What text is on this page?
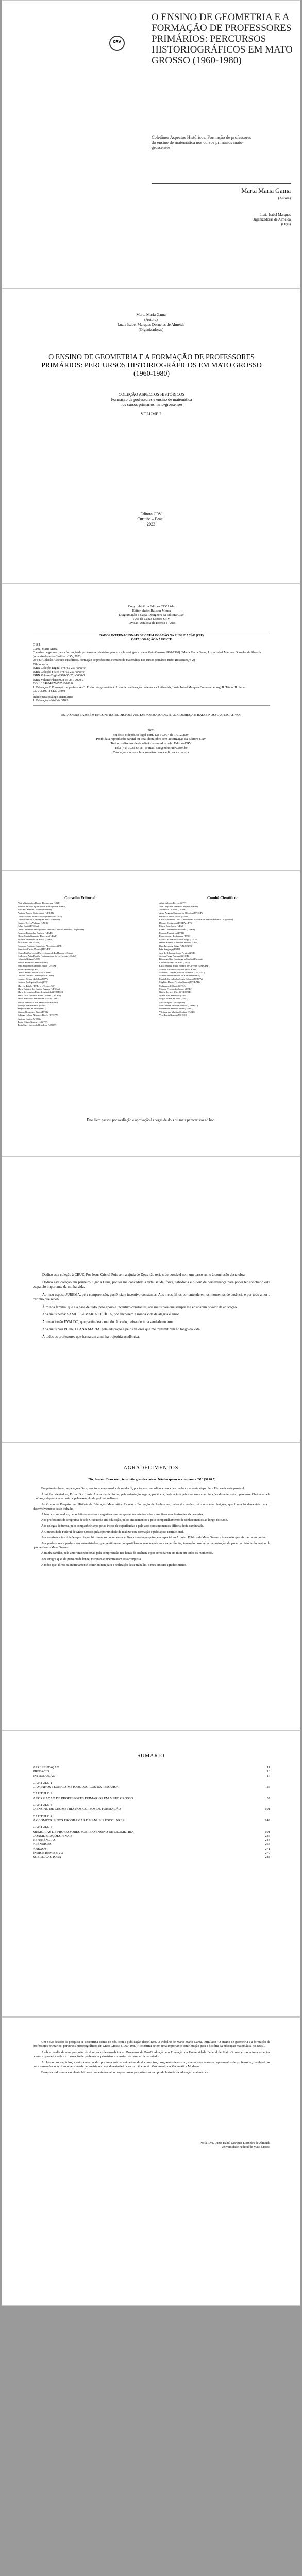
CRV
O ENSINO DE GEOMETRIA E A FORMAÇÃO DE PROFESSORES PRIMÁRIOS: PERCURSOS HISTORIOGRÁFICOS EM MATO GROSSO (1960-1980)
Coletânea Aspectos Históricos: Formação de professores do ensino de matemática nos cursos primários mato-grossenses
Marta Maria Gama
(Autora)
Luzia Isabel Marques
Organizadoras de Almeida
(Orgs)
Marta Maria Gama
(Autora)
Luzia Isabel Marques Dorneles de Almeida
(Organizadoras)
O ENSINO DE GEOMETRIA E A FORMAÇÃO DE PROFESSORES PRIMÁRIOS: PERCURSOS HISTORIOGRÁFICOS EM MATO GROSSO (1960-1980)
COLEÇÃO ASPECTOS HISTÓRICOS
Formação de professores e ensino de matemática
nos cursos primários mato-grossenses
VOLUME 2
Editora CRV
Curitiba – Brasil
2023
Copyright © da Editora CRV Ltda.
Editor-chefe: Railson Moura
Diagramação e Capa: Designers da Editora CRV
Arte da Capa: Editora CRV
Revisão: Analista de Escrita e Artes
DADOS INTERNACIONAIS DE CATALOGAÇÃO NA PUBLICAÇÃO (CIP)
CATALOGAÇÃO NA FONTE
G184
Gama, Marta Maria
O ensino de geometria e a formação de professores primários: percursos historiográficos em Mato Grosso (1960-1980) / Marta Maria Gama; Luzia Isabel Marques Dorneles de Almeida (organizadoras) – Curitiba: CRV, 2023.
284 p. (Coleção Aspectos Históricos. Formação de professores e ensino de matemática nos cursos primários mato-grossenses, v. 2)
Bibliografia
ISBN Coleção Digital 978-65-251-0000-0
ISBN Coleção Físico 978-65-251-0000-0
ISBN Volume Digital 978-65-251-0000-0
ISBN Volume Físico 978-65-251-0000-0
DOI 10.24824/978652510000.0
1. Educação 2. Formação de professores 3. Ensino de geometria 4. História da educação matemática I. Almeida, Luzia Isabel Marques Dorneles de. org. II. Título III. Série.
CDU 37(091) CDD 370.9
Índice para catálogo sistemático
1. Educação – história 370.9
ESTA OBRA TAMBÉM ENCONTRA-SE DISPONÍVEL EM FORMATO DIGITAL. CONHEÇA E BAIXE NOSSO APLICATIVO!
2023
Foi feito o depósito legal conf. Lei 10.994 de 14/12/2004
Proibida a reprodução parcial ou total desta obra sem autorização da Editora CRV
Todos os direitos desta edição reservados pela: Editora CRV
Tel.: (41) 3039-6418 - E-mail: sac@editoracrv.com.br
Conheça os nossos lançamentos: www.editoracrv.com.br
Conselho Editorial:
Aldira Guimarães Duarte Domínguez (UNB)
Andréia da Silva Quintanilha Sousa (UNIR/UFRN)
Anselmo Alencar Colares (UFOPA)
Antônio Pereira Gaio Júnior (UFRRJ)
Carlos Alberto Vilar Estêvão (UMINHO – PT)
Carlos Federico Dominguez Avila (Unieuro)
Carmen Tereza Velanga (UNIR)
Celso Conti (UFSCar)
Cesar Gerónimo Tello (Univer. Nacional Três de Febrero – Argentina)
Eduardo Fernandes Barbosa (UFMG)
Elione Maria Nogueira Diogenes (UFAL)
Elizeu Clementino de Souza (UNEB)
Élsio José Corá (UFFS)
Fernando Antônio Gonçalves Alcoforado (IPB)
Francisco Carlos Duarte (PUC-PR)
Gloria Fariñas León (Universidade de La Havana – Cuba)
Guillermo Arias Beatón (Universidade de La Havana – Cuba)
Helmuth Krüger (UCP)
Jailson Alves dos Santos (UFRJ)
João Adalberto Campato Junior (UNESP)
Josania Portela (UFPI)
Leonel Severo Rocha (UNISINOS)
Lídia de Oliveira Xavier (UNIEURO)
Lourdes Helena da Silva (UFV)
Luciano Rodrigues Costa (UFV)
Marcelo Paixão (UFRJ e UTexas – US)
Maria Cristina dos Santos Bezerra (UFSCar)
Maria de Lourdes Pinto de Almeida (UNOESC)
Maria Lília Imbiriba Sousa Colares (UFOPA)
Paulo Romualdo Hernandes (UNIFAL-MG)
Renato Francisco dos Santos Paula (UFG)
Rodrigo Pratte-Santos (UFES)
Sérgio Nunes de Jesus (IFRO)
Simone Rodrigues Pinto (UNB)
Solange Helena Ximenes-Rocha (UFOPA)
Sydione Santos (UEPG)
Tadeu Oliver Gonçalves (UFPA)
Tania Suely Azevedo Brasileiro (UFOPA)
Comitê Científico:
Altair Alberto Fávero (UPF)
Ana Chrystina Venancio Mignot (UERJ)
Andréia N. Militão (UEMS)
Anna Augusta Sampaio de Oliveira (UNESP)
Barbara Coelho Neves (UFBA)
Cesar Gerónimo Tello (Universidad Nacional de Três de Febrero – Argentina)
Diosnel Centurion (UNIDA – PY)
Eliane Rose Maio (UEM)
Elizeu Clementino de Souza (UNEB)
Fauston Negreiros (UFPI)
Francisco Ari de Andrade (UFC)
Gláucia Maria dos Santos Jorge (UFOP)
Helder Buenos Aires de Carvalho (UFPI)
Ilma Passos A. Veiga (UNICEUB)
Inês Bragança (UERJ)
José de Ribamar Sousa Pereira (UCB)
Jussara Fraga Portugal (UNEB)
Kilwangy Kya Kapitango-a-Samba (Unemat)
Lourdes Helena da Silva (UFV)
Lucia Marisy Souza Ribeiro de Oliveira (UNIVASF)
Marcos Vinicius Francisco (UNOESTE)
Maria de Lourdes Pinto de Almeida (UNOESC)
Maria Eurácia Barreto de Andrade (UFRB)
Maria Lília Imbiriba Sousa Colares (UFOPA)
Míghian Danae Ferreira Nunes (UNILAB)
Mohammed Elhajji (UFRJ)
Mônica Pereira dos Santos (UFRJ)
Najela Tavares Ujiie (UNESPAR)
Nilson José Machado (USP)
Sérgio Nunes de Jesus (IFRO)
Silvia Regina Canan (URI)
Sonia Maria Ferreira Koehler (UNISAL)
Suzana dos Santos Gomes (UFMG)
Vânia Alves Martins Chaigar (FURG)
Vera Lucia Gaspar (UDESC)
Este livro passou por avaliação e aprovação às cegas de dois ou mais pareceristas ad hoc.

Dedico esta coleção à CRUZ, Por Jesus Cristo! Pois sem a ajuda de Deus não teria sido possível nem um passo rumo à conclusão desta obra.

Dedico esta coleção em primeiro lugar a Deus, por ter me concedido a vida, saúde, força, sabedoria e o dom da perseverança para poder ter concluído esta etapa tão importante da minha vida.

Ao meu esposo JUREMA, pela compreensão, paciência e incentivo constantes. Aos meus filhos por entenderem os momentos de ausência e por todo amor e carinho que recebi.

À minha família, que é a base de tudo, pelo apoio e incentivo constantes, aos meus pais que sempre me ensinaram o valor da educação.

Aos meus netos: SAMUEL e MARIA CECÍLIA, por encherem a minha vida de alegria e amor.

Ao meu irmão EVALDO, que partiu deste mundo tão cedo, deixando uma saudade enorme.

Aos meus pais PEDRO e ANA MARIA, pela educação e pelos valores que me transmitiram ao longo da vida.

À todos os professores que formaram a minha trajetória acadêmica.

AGRADECIMENTOS
“Tu, Senhor, Deus meu, tens feito grandes coisas. Não há quem se compare a Ti!” (Sl 40.5)

Em primeiro lugar, agradeço a Deus, o autor e consumador da minha fé, por ter me concedido a graça de concluir mais esta etapa. Sem Ele, nada seria possível.

À minha orientadora, Profa. Dra. Luzia Aparecida de Souza, pela orientação segura, paciência, dedicação e pelas valiosas contribuições durante todo o percurso. Obrigada pela confiança depositada em mim e pelo exemplo de profissionalismo.

Ao Grupo de Pesquisa em História da Educação Matemática Escolar e Formação de Professores, pelas discussões, leituras e contribuições, que foram fundamentais para o desenvolvimento deste trabalho.

À banca examinadora, pelas leituras atentas e sugestões que enriqueceram este trabalho e ampliaram os horizontes da pesquisa.

Aos professores do Programa de Pós-Graduação em Educação, pelos ensinamentos e pelo compartilhamento de conhecimentos ao longo do curso.

Aos colegas de turma, pelo companheirismo, pelas trocas de experiências e pelo apoio nos momentos difíceis desta caminhada.

À Universidade Federal de Mato Grosso, pela oportunidade de realizar esta formação e pelo apoio institucional.

Aos arquivos e instituições que disponibilizaram os documentos utilizados nesta pesquisa, em especial ao Arquivo Público de Mato Grosso e às escolas que abriram suas portas.

Aos professores e professoras entrevistados, que gentilmente compartilharam suas memórias e experiências, tornando possível a reconstrução de parte da história do ensino de geometria em Mato Grosso.

À minha família, pelo amor incondicional, pela compreensão nas horas de ausência e por acreditarem em mim em todos os momentos.

Aos amigos que, de perto ou de longe, torceram e incentivaram esta conquista.

A todos que, direta ou indiretamente, contribuíram para a realização deste trabalho, o meu sincero agradecimento.

SUMÁRIO
APRESENTAÇÃO	11
PREFÁCIO	13
INTRODUÇÃO	17
CAPÍTULO 1
CAMINHOS TEÓRICO-METODOLÓGICOS DA PESQUISA	25
CAPÍTULO 2
A FORMAÇÃO DE PROFESSORES PRIMÁRIOS EM MATO GROSSO	57
CAPÍTULO 3
O ENSINO DE GEOMETRIA NOS CURSOS DE FORMAÇÃO	101
CAPÍTULO 4
A GEOMETRIA NOS PROGRAMAS E MANUAIS ESCOLARES	149
CAPÍTULO 5
MEMÓRIAS DE PROFESSORES SOBRE O ENSINO DE GEOMETRIA	191
CONSIDERAÇÕES FINAIS	235
REFERÊNCIAS	243
APÊNDICES	263
ANEXOS	271
ÍNDICE REMISSIVO	279
SOBRE A AUTORA	283

Um novo desafio de pesquisa se descortina diante de nós, com a publicação deste livro. O trabalho de Marta Maria Gama, intitulado "O ensino de geometria e a formação de professores primários: percursos historiográficos em Mato Grosso (1960-1980)", constitui-se em uma importante contribuição para a história da educação matemática no Brasil.

A obra resulta de uma pesquisa de doutorado desenvolvida no Programa de Pós-Graduação em Educação da Universidade Federal de Mato Grosso e traz à tona aspectos pouco explorados sobre a formação de professores primários e o ensino de geometria no estado.

Ao longo dos capítulos, a autora nos conduz por uma análise cuidadosa de documentos, programas de ensino, manuais escolares e depoimentos de professores, revelando as transformações ocorridas no ensino de geometria no período estudado e as influências do Movimento da Matemática Moderna.

Desejo a todos uma excelente leitura e que este trabalho inspire novas pesquisas no campo da história da educação matemática.

Profa. Dra. Luzia Isabel Marques Dorneles de Almeida
Universidade Federal de Mato Grosso
